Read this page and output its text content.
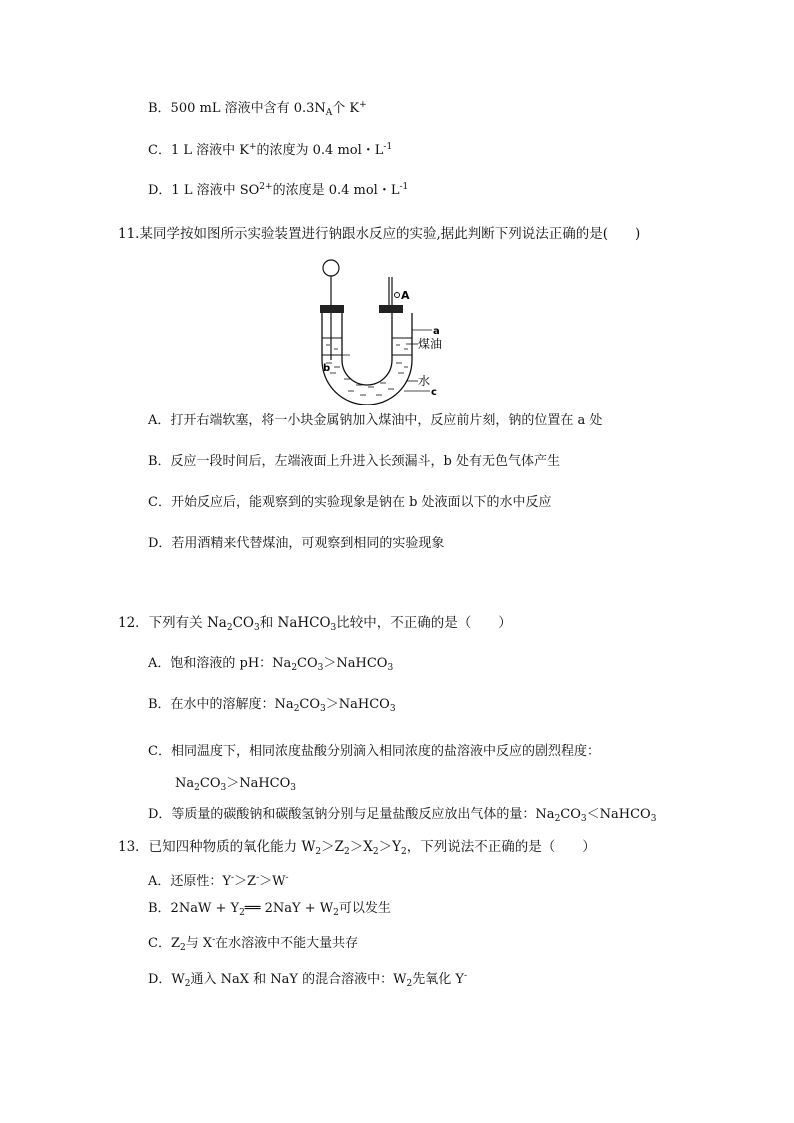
B．500 mL 溶液中含有 $0.3N_A$个 K+
C．1 L 溶液中 K+的浓度为 0.4 mol・$L^{-1}$
D．1 L 溶液中 $SO^{2+}$的浓度是 0.4 mol・$L^{-1}$
11.某同学按如图所示实验装置进行钠跟水反应的实验,据此判断下列说法正确的是(　　)
A
a
煤油
b
水
c
A．打开右端软塞，将一小块金属钠加入煤油中，反应前片刻，钠的位置在 a 处
B．反应一段时间后，左端液面上升进入长颈漏斗，b 处有无色气体产生
C．开始反应后，能观察到的实验现象是钠在 b 处液面以下的水中反应
D．若用酒精来代替煤油，可观察到相同的实验现象
12．下列有关 $Na_2CO_3$和 NaHCO$_3$比较中，不正确的是（　　）
A．饱和溶液的 pH：$Na_2CO_3>NaHCO_3$
B．在水中的溶解度：$Na_2CO_3>NaHCO_3$
C．相同温度下，相同浓度盐酸分别滴入相同浓度的盐溶液中反应的剧烈程度：
$Na_2CO_3>NaHCO_3$
D．等质量的碳酸钠和碳酸氢钠分别与足量盐酸反应放出气体的量：$Na_2CO_3<NaHCO_3$
13．已知四种物质的氧化能力 $W_2>Z_2>X_2>Y_2$，下列说法不正确的是（　　）
A．还原性：Y-＞Z-＞W-
B．$2NaW + Y_2══$ $2NaY + W_2$可以发生
C．$Z_2$与 X-在水溶液中不能大量共存
D．$W_2$通入 NaX 和 NaY 的混合溶液中：$W_2$先氧化 Y-
